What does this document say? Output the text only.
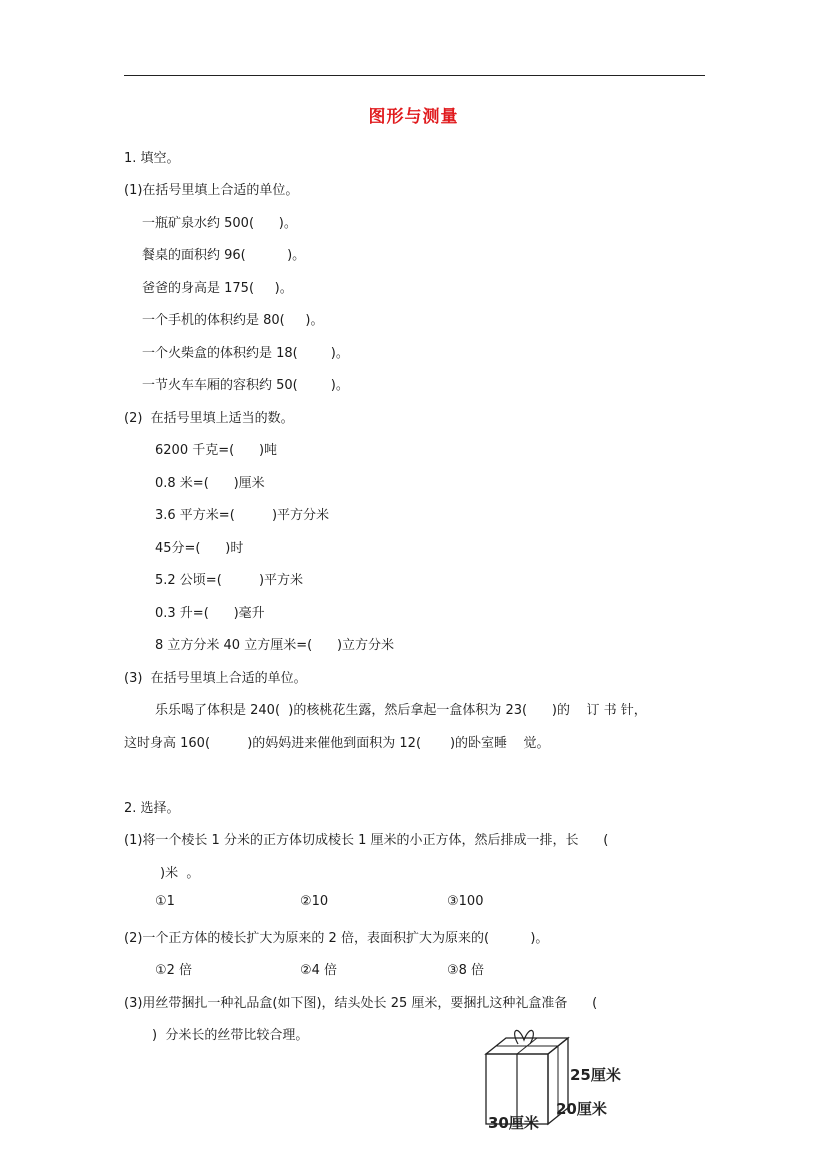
图形与测量
1. 填空。
(1)在括号里填上合适的单位。
一瓶矿泉水约 500(      )。
餐桌的面积约 96(          )。
爸爸的身高是 175(     )。
一个手机的体积约是 80(     )。
一个火柴盒的体积约是 18(        )。
一节火车车厢的容积约 50(        )。
(2)  在括号里填上适当的数。
6200 千克=(      )吨
0.8 米=(      )厘米
3.6 平方米=(         )平方分米
45分=(      )时
5.2 公顷=(         )平方米
0.3 升=(      )毫升
8 立方分米 40 立方厘米=(      )立方分米
(3)  在括号里填上合适的单位。
乐乐喝了体积是 240(  )的核桃花生露，然后拿起一盒体积为 23(      )的    订 书 针，
这时身高 160(         )的妈妈进来催他到面积为 12(       )的卧室睡    觉。
2. 选择。
(1)将一个棱长 1 分米的正方体切成棱长 1 厘米的小正方体，然后排成一排，长      (
)米  。
①1	②10	③100
(2)一个正方体的棱长扩大为原来的 2 倍，表面积扩大为原来的(          )。
①2 倍	②4 倍	③8 倍
(3)用丝带捆扎一种礼品盒(如下图)，结头处长 25 厘米，要捆扎这种礼盒准备      (
)  分米长的丝带比较合理。
25厘米
20厘米
30厘米
